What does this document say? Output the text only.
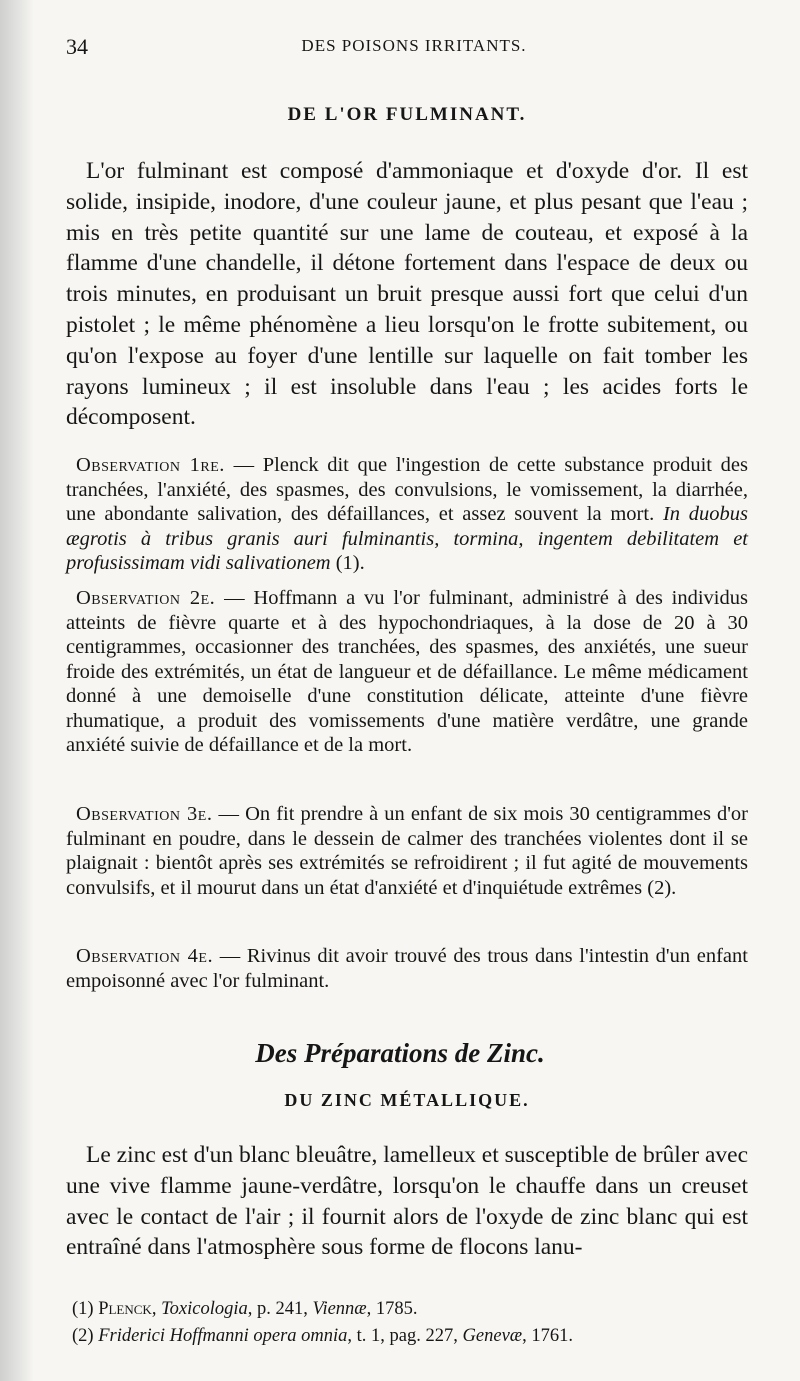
34	DES POISONS IRRITANTS.
DE L'OR FULMINANT.

L'or fulminant est composé d'ammoniaque et d'oxyde d'or. Il est solide, insipide, inodore, d'une couleur jaune, et plus pesant que l'eau ; mis en très petite quantité sur une lame de couteau, et exposé à la flamme d'une chandelle, il détone fortement dans l'espace de deux ou trois minutes, en produisant un bruit presque aussi fort que celui d'un pistolet ; le même phénomène a lieu lorsqu'on le frotte subitement, ou qu'on l'expose au foyer d'une lentille sur laquelle on fait tomber les rayons lumineux ; il est insoluble dans l'eau ; les acides forts le décomposent.

Observation 1re. — Plenck dit que l'ingestion de cette substance produit des tranchées, l'anxiété, des spasmes, des convulsions, le vomissement, la diarrhée, une abondante salivation, des défaillances, et assez souvent la mort. In duobus ægrotis à tribus granis auri fulminantis, tormina, ingentem debilitatem et profusissimam vidi salivationem (1).

Observation 2e. — Hoffmann a vu l'or fulminant, administré à des individus atteints de fièvre quarte et à des hypochondriaques, à la dose de 20 à 30 centigrammes, occasionner des tranchées, des spasmes, des anxiétés, une sueur froide des extrémités, un état de langueur et de défaillance. Le même médicament donné à une demoiselle d'une constitution délicate, atteinte d'une fièvre rhumatique, a produit des vomissements d'une matière verdâtre, une grande anxiété suivie de défaillance et de la mort.

Observation 3e. — On fit prendre à un enfant de six mois 30 centigrammes d'or fulminant en poudre, dans le dessein de calmer des tranchées violentes dont il se plaignait : bientôt après ses extrémités se refroidirent ; il fut agité de mouvements convulsifs, et il mourut dans un état d'anxiété et d'inquiétude extrêmes (2).

Observation 4e. — Rivinus dit avoir trouvé des trous dans l'intestin d'un enfant empoisonné avec l'or fulminant.

Des Préparations de Zinc.
DU ZINC MÉTALLIQUE.

Le zinc est d'un blanc bleuâtre, lamelleux et susceptible de brûler avec une vive flamme jaune-verdâtre, lorsqu'on le chauffe dans un creuset avec le contact de l'air ; il fournit alors de l'oxyde de zinc blanc qui est entraîné dans l'atmosphère sous forme de flocons lanu-

(1) Plenck, Toxicologia, p. 241, Viennæ, 1785.

(2) Friderici Hoffmanni opera omnia, t. 1, pag. 227, Genevæ, 1761.
